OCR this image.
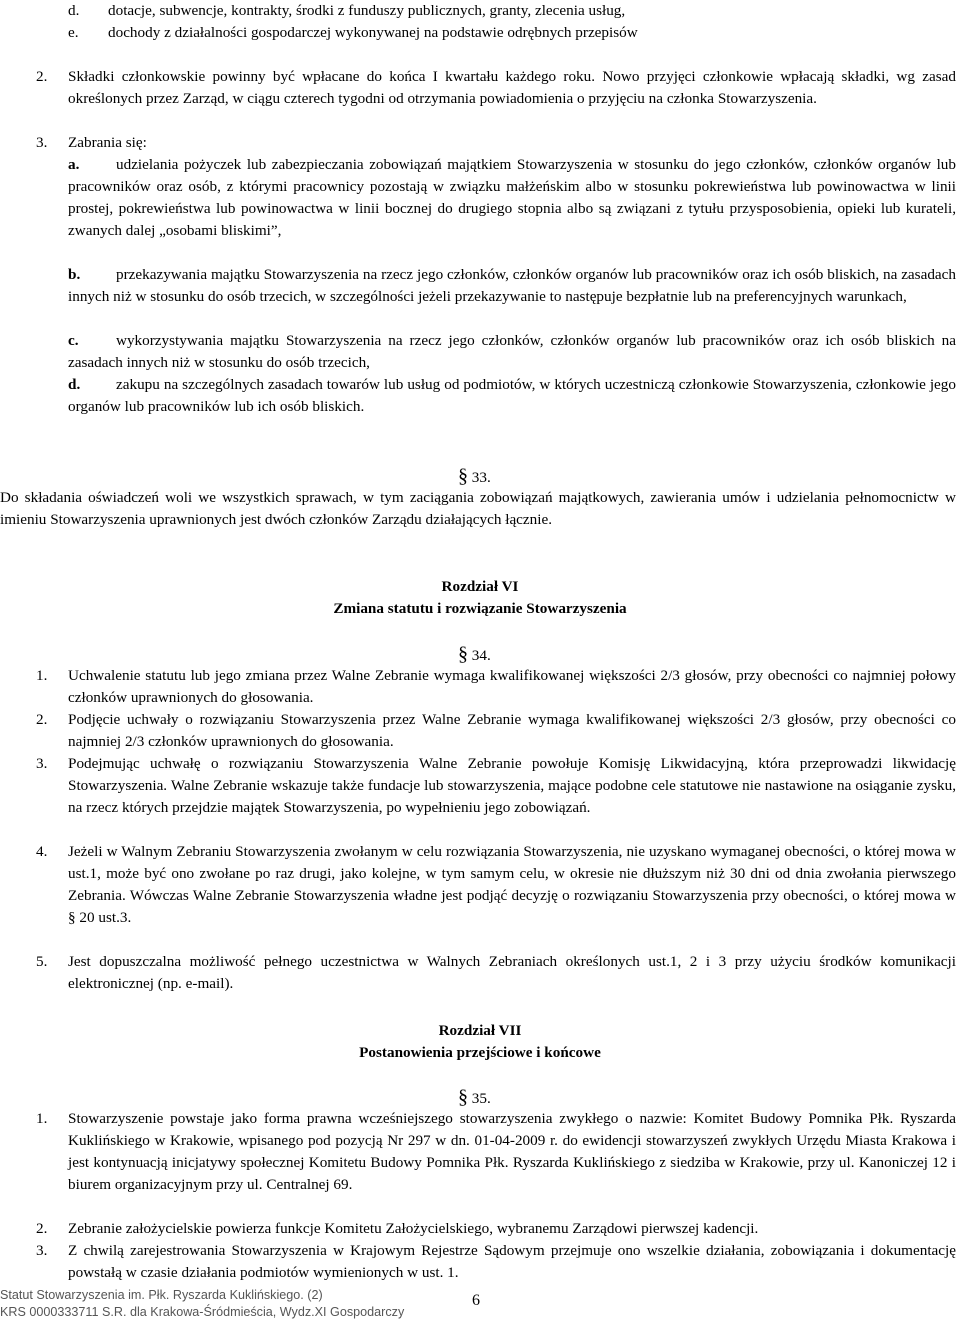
d. dotacje, subwencje, kontrakty, środki z funduszy publicznych, granty, zlecenia usług,
e. dochody z działalności gospodarczej wykonywanej na podstawie odrębnych przepisów
2. Składki członkowskie powinny być wpłacane do końca I kwartału każdego roku. Nowo przyjęci członkowie wpłacają składki, wg zasad określonych przez Zarząd, w ciągu czterech tygodni od otrzymania powiadomienia o przyjęciu na członka Stowarzyszenia.
3. Zabrania się:
a.	udzielania pożyczek lub zabezpieczania zobowiązań majątkiem Stowarzyszenia w stosunku do jego członków, członków organów lub pracowników oraz osób, z którymi pracownicy pozostają w związku małżeńskim albo w stosunku pokrewieństwa lub powinowactwa w linii prostej, pokrewieństwa lub powinowactwa w linii bocznej do drugiego stopnia albo są związani z tytułu przysposobienia, opieki lub kurateli, zwanych dalej „osobami bliskimi”,
b.	przekazywania majątku Stowarzyszenia na rzecz jego członków, członków organów lub pracowników oraz ich osób bliskich, na zasadach innych niż w stosunku do osób trzecich, w szczególności jeżeli przekazywanie to następuje bezpłatnie lub na preferencyjnych warunkach,
c.	wykorzystywania majątku Stowarzyszenia na rzecz jego członków, członków organów lub pracowników oraz ich osób bliskich na zasadach innych niż w stosunku do osób trzecich,
d.	zakupu na szczególnych zasadach towarów lub usług od podmiotów, w których uczestniczą członkowie Stowarzyszenia, członkowie jego organów lub pracowników lub ich osób bliskich.
§ 33.
Do składania oświadczeń woli we wszystkich sprawach, w tym zaciągania zobowiązań majątkowych, zawierania umów i udzielania pełnomocnictw w imieniu Stowarzyszenia uprawnionych jest dwóch członków Zarządu działających łącznie.
Rozdział VI
Zmiana statutu i rozwiązanie Stowarzyszenia
§ 34.
1. Uchwalenie statutu lub jego zmiana przez Walne Zebranie wymaga kwalifikowanej większości 2/3 głosów, przy obecności co najmniej połowy członków uprawnionych do głosowania.
2. Podjęcie uchwały o rozwiązaniu Stowarzyszenia przez Walne Zebranie wymaga kwalifikowanej większości 2/3 głosów, przy obecności co najmniej 2/3 członków uprawnionych do głosowania.
3. Podejmując uchwałę o rozwiązaniu Stowarzyszenia Walne Zebranie powołuje Komisję Likwidacyjną, która przeprowadzi likwidację Stowarzyszenia. Walne Zebranie wskazuje także fundacje lub stowarzyszenia, mające podobne cele statutowe nie nastawione na osiąganie zysku, na rzecz których przejdzie majątek Stowarzyszenia, po wypełnieniu jego zobowiązań.
4. Jeżeli w Walnym Zebraniu Stowarzyszenia zwołanym w celu rozwiązania Stowarzyszenia, nie uzyskano wymaganej obecności, o której mowa w ust.1, może być ono zwołane po raz drugi, jako kolejne, w tym samym celu, w okresie nie dłuższym niż 30 dni od dnia zwołania pierwszego Zebrania. Wówczas Walne Zebranie Stowarzyszenia władne jest podjąć decyzję o rozwiązaniu Stowarzyszenia przy obecności, o której mowa w § 20 ust.3.
5. Jest dopuszczalna możliwość pełnego uczestnictwa w Walnych Zebraniach określonych ust.1, 2 i 3 przy użyciu środków komunikacji elektronicznej (np. e-mail).
Rozdział VII
Postanowienia przejściowe i końcowe
§ 35.
1. Stowarzyszenie powstaje jako forma prawna wcześniejszego stowarzyszenia zwykłego o nazwie: Komitet Budowy Pomnika Płk. Ryszarda Kuklińskiego w Krakowie, wpisanego pod pozycją Nr 297 w dn. 01-04-2009 r. do ewidencji stowarzyszeń zwykłych Urzędu Miasta Krakowa i jest kontynuacją inicjatywy społecznej Komitetu Budowy Pomnika Płk. Ryszarda Kuklińskiego z siedziba w Krakowie, przy ul. Kanoniczej 12 i biurem organizacyjnym przy ul. Centralnej 69.
2. Zebranie założycielskie powierza funkcje Komitetu Założycielskiego, wybranemu Zarządowi pierwszej kadencji.
3. Z chwilą zarejestrowania Stowarzyszenia w Krajowym Rejestrze Sądowym przejmuje ono wszelkie działania, zobowiązania i dokumentację powstałą w czasie działania podmiotów wymienionych w ust. 1.
Statut Stowarzyszenia im. Płk. Ryszarda Kuklińskiego. (2)
KRS 0000333711 S.R. dla Krakowa-Śródmieścia, Wydz.XI Gospodarczy
6
